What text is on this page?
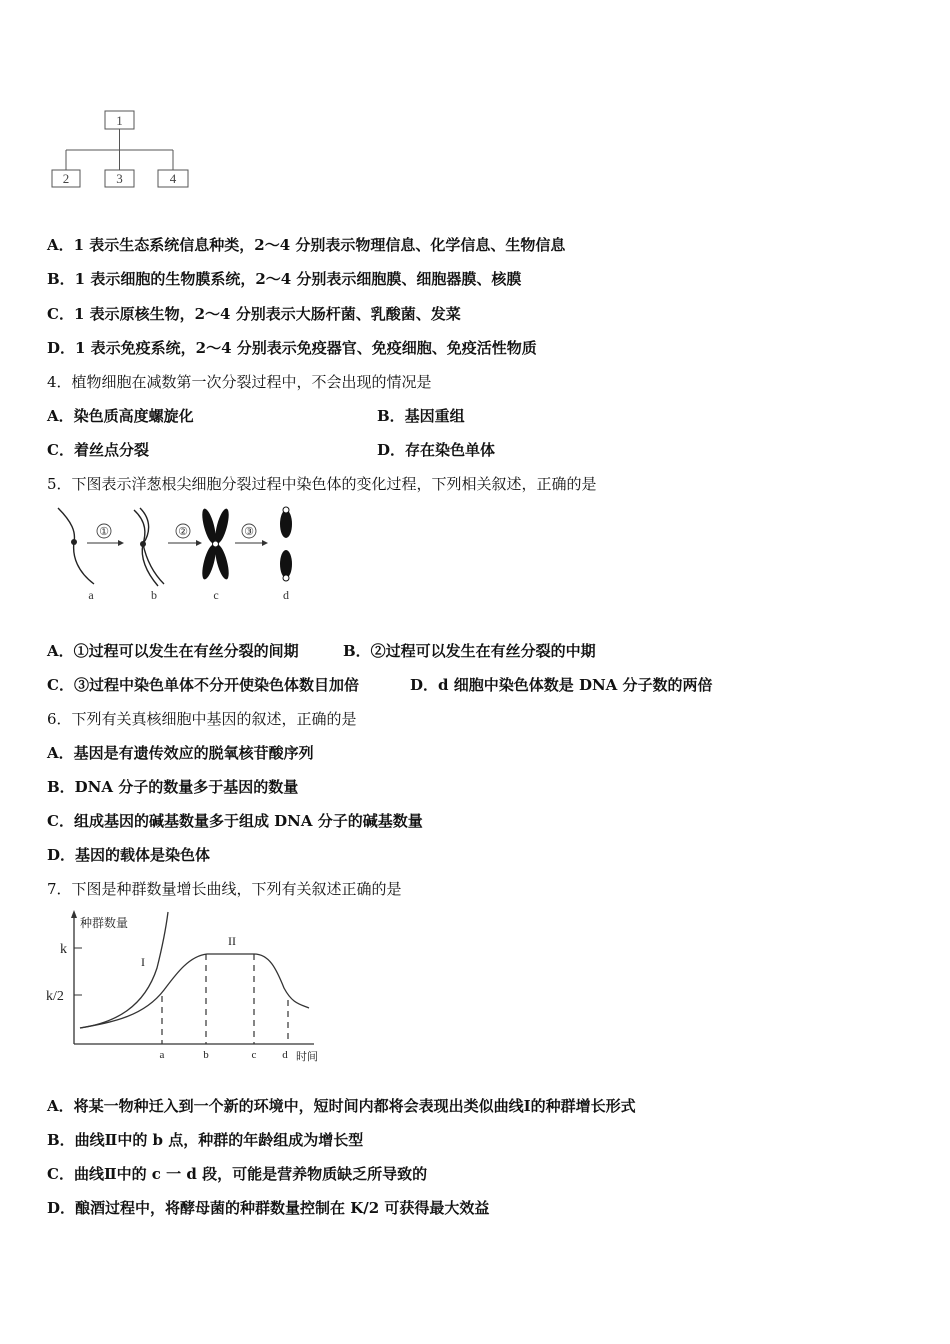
1
2	3	4
A．1 表示生态系统信息种类，2～4 分别表示物理信息、化学信息、生物信息
B．1 表示细胞的生物膜系统，2～4 分别表示细胞膜、细胞器膜、核膜
C．1 表示原核生物，2～4 分别表示大肠杆菌、乳酸菌、发菜
D．1 表示免疫系统，2～4 分别表示免疫器官、免疫细胞、免疫活性物质
4．植物细胞在减数第一次分裂过程中，不会出现的情况是
A．染色质高度螺旋化	B．基因重组
C．着丝点分裂	D．存在染色单体
5．下图表示洋葱根尖细胞分裂过程中染色体的变化过程，下列相关叙述，正确的是
①	②	③
a	b	c	d
A．①过程可以发生在有丝分裂的间期	B．②过程可以发生在有丝分裂的中期
C．③过程中染色单体不分开使染色体数目加倍	D．d 细胞中染色体数是 DNA 分子数的两倍
6．下列有关真核细胞中基因的叙述，正确的是
A．基因是有遗传效应的脱氧核苷酸序列
B．DNA 分子的数量多于基因的数量
C．组成基因的碱基数量多于组成 DNA 分子的碱基数量
D．基因的载体是染色体
7．下图是种群数量增长曲线，下列有关叙述正确的是
种群数量
时间
k
k/2
I
II
a	b	c d
A．将某一物种迁入到一个新的环境中，短时间内都将会表现出类似曲线Ⅰ的种群增长形式
B．曲线Ⅱ中的 b 点，种群的年龄组成为增长型
C．曲线Ⅱ中的 c 一 d 段，可能是营养物质缺乏所导致的
D．酿酒过程中，将酵母菌的种群数量控制在 K/2 可获得最大效益
